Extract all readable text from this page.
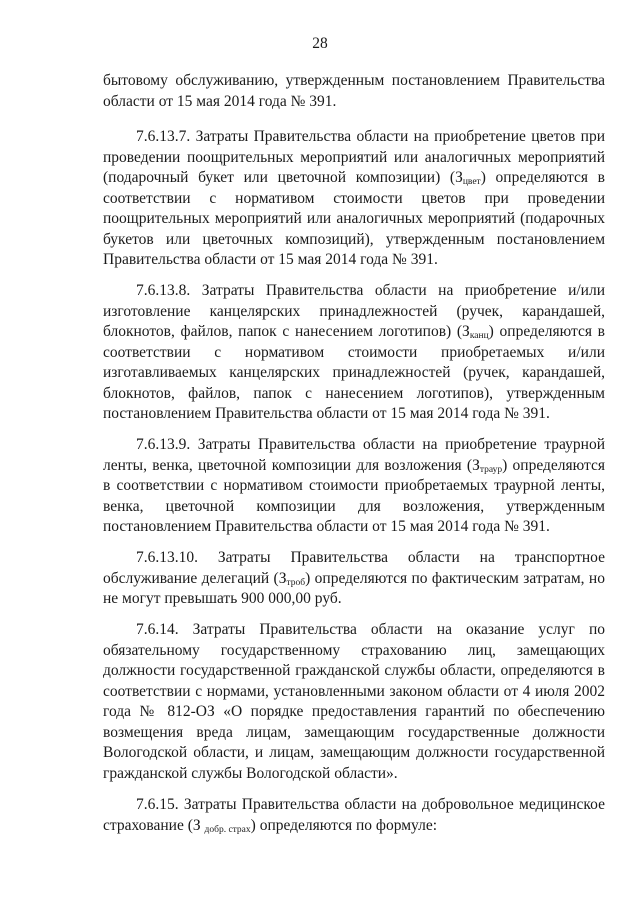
28

бытовому обслуживанию, утвержденным постановлением Правительства области от 15 мая 2014 года № 391.

7.6.13.7. Затраты Правительства области на приобретение цветов при проведении поощрительных мероприятий или аналогичных мероприятий (подарочный букет или цветочной композиции) $(З_{цвет})$ определяются в соответствии с нормативом стоимости цветов при проведении поощрительных мероприятий или аналогичных мероприятий (подарочных букетов или цветочных композиций), утвержденным постановлением Правительства области от 15 мая 2014 года № 391.

7.6.13.8. Затраты Правительства области на приобретение и/или изготовление канцелярских принадлежностей (ручек, карандашей, блокнотов, файлов, папок с нанесением логотипов) $(З_{канц})$ определяются в соответствии с нормативом стоимости приобретаемых и/или изготавливаемых канцелярских принадлежностей (ручек, карандашей, блокнотов, файлов, папок с нанесением логотипов), утвержденным постановлением Правительства области от 15 мая 2014 года № 391.

7.6.13.9. Затраты Правительства области на приобретение траурной ленты, венка, цветочной композиции для возложения $(З_{траур})$ определяются в соответствии с нормативом стоимости приобретаемых траурной ленты, венка, цветочной композиции для возложения, утвержденным постановлением Правительства области от 15 мая 2014 года № 391.

7.6.13.10. Затраты Правительства области на транспортное обслуживание делегаций $(З_{троб})$ определяются по фактическим затратам, но не могут превышать 900 000,00 руб.

7.6.14. Затраты Правительства области на оказание услуг по обязательному государственному страхованию лиц, замещающих должности государственной гражданской службы области, определяются в соответствии с нормами, установленными законом области от 4 июля 2002 года № 812-ОЗ «О порядке предоставления гарантий по обеспечению возмещения вреда лицам, замещающим государственные должности Вологодской области, и лицам, замещающим должности государственной гражданской службы Вологодской области».

7.6.15. Затраты Правительства области на добровольное медицинское страхование (З $_{добр. страх}$) определяются по формуле:
